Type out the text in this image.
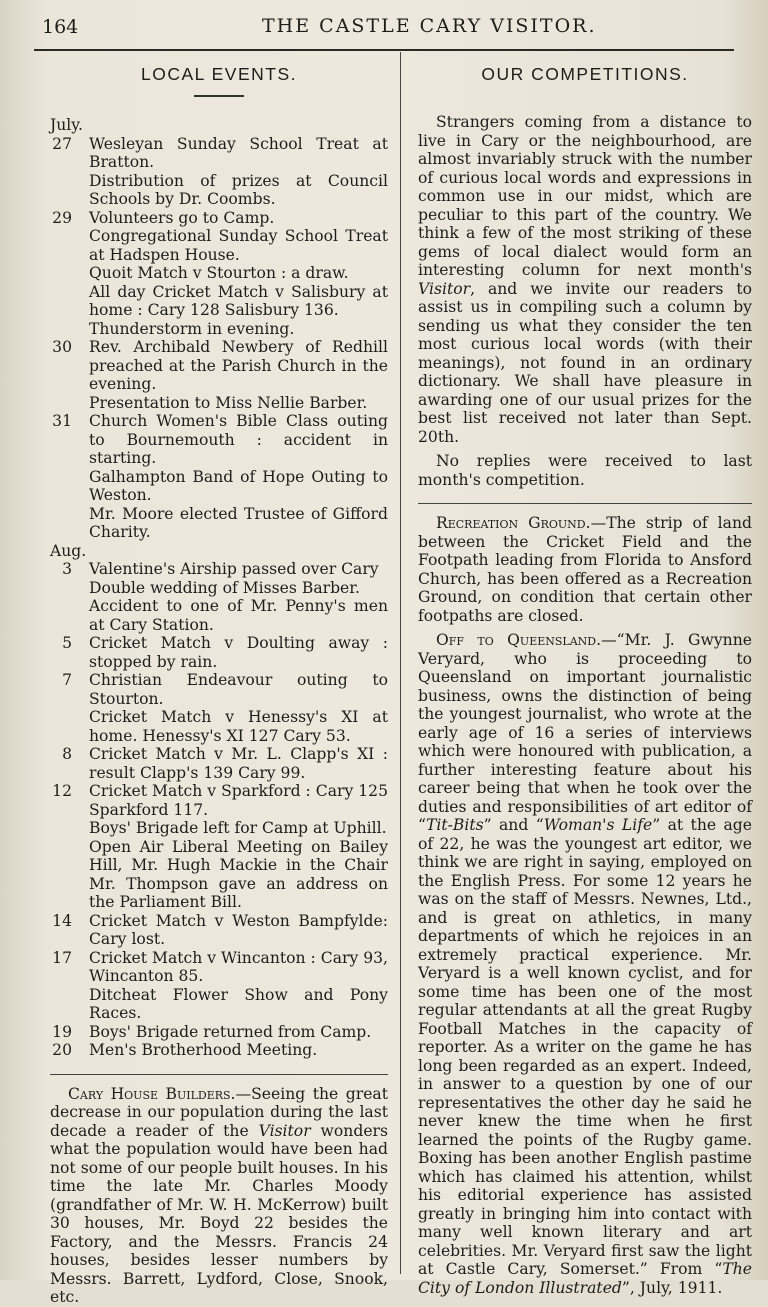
164	THE CASTLE CARY VISITOR.
LOCAL EVENTS.
July.
27 Wesleyan Sunday School Treat at Bratton.
Distribution of prizes at Council Schools by Dr. Coombs.
29 Volunteers go to Camp.
Congregational Sunday School Treat at Hadspen House.
Quoit Match v Stourton : a draw.
All day Cricket Match v Salisbury at home : Cary 128 Salisbury 136.
Thunderstorm in evening.
30 Rev. Archibald Newbery of Redhill preached at the Parish Church in the evening.
Presentation to Miss Nellie Barber.
31 Church Women's Bible Class outing to Bournemouth : accident in starting.
Galhampton Band of Hope Outing to Weston.
Mr. Moore elected Trustee of Gifford Charity.
Aug.
3 Valentine's Airship passed over Cary
Double wedding of Misses Barber.
Accident to one of Mr. Penny's men at Cary Station.
5 Cricket Match v Doulting away : stopped by rain.
7 Christian Endeavour outing to Stourton.
Cricket Match v Henessy's XI at home. Henessy's XI 127 Cary 53.
8 Cricket Match v Mr. L. Clapp's XI : result Clapp's 139 Cary 99.
12 Cricket Match v Sparkford : Cary 125 Sparkford 117.
Boys' Brigade left for Camp at Uphill.
Open Air Liberal Meeting on Bailey Hill, Mr. Hugh Mackie in the Chair Mr. Thompson gave an address on the Parliament Bill.
14 Cricket Match v Weston Bampfylde: Cary lost.
17 Cricket Match v Wincanton : Cary 93, Wincanton 85.
Ditcheat Flower Show and Pony Races.
19 Boys' Brigade returned from Camp.
20 Men's Brotherhood Meeting.

Cary House Builders.—Seeing the great decrease in our population during the last decade a reader of the Visitor wonders what the population would have been had not some of our people built houses. In his time the late Mr. Charles Moody (grandfather of Mr. W. H. McKerrow) built 30 houses, Mr. Boyd 22 besides the Factory, and the Messrs. Francis 24 houses, besides lesser numbers by Messrs. Barrett, Lydford, Close, Snook, etc.

OUR COMPETITIONS.

Strangers coming from a distance to live in Cary or the neighbourhood, are almost invariably struck with the number of curious local words and expressions in common use in our midst, which are peculiar to this part of the country. We think a few of the most striking of these gems of local dialect would form an interesting column for next month's Visitor, and we invite our readers to assist us in compiling such a column by sending us what they consider the ten most curious local words (with their meanings), not found in an ordinary dictionary. We shall have pleasure in awarding one of our usual prizes for the best list received not later than Sept. 20th.

No replies were received to last month's competition.

Recreation Ground.—The strip of land between the Cricket Field and the Footpath leading from Florida to Ansford Church, has been offered as a Recreation Ground, on condition that certain other footpaths are closed.

Off to Queensland.—“Mr. J. Gwynne Veryard, who is proceeding to Queensland on important journalistic business, owns the distinction of being the youngest journalist, who wrote at the early age of 16 a series of interviews which were honoured with publication, a further interesting feature about his career being that when he took over the duties and responsibilities of art editor of “Tit-Bits” and “Woman's Life” at the age of 22, he was the youngest art editor, we think we are right in saying, employed on the English Press. For some 12 years he was on the staff of Messrs. Newnes, Ltd., and is great on athletics, in many departments of which he rejoices in an extremely practical experience. Mr. Veryard is a well known cyclist, and for some time has been one of the most regular attendants at all the great Rugby Football Matches in the capacity of reporter. As a writer on the game he has long been regarded as an expert. Indeed, in answer to a question by one of our representatives the other day he said he never knew the time when he first learned the points of the Rugby game. Boxing has been another English pastime which has claimed his attention, whilst his editorial experience has assisted greatly in bringing him into contact with many well known literary and art celebrities. Mr. Veryard first saw the light at Castle Cary, Somerset.” From “The City of London Illustrated”, July, 1911.
